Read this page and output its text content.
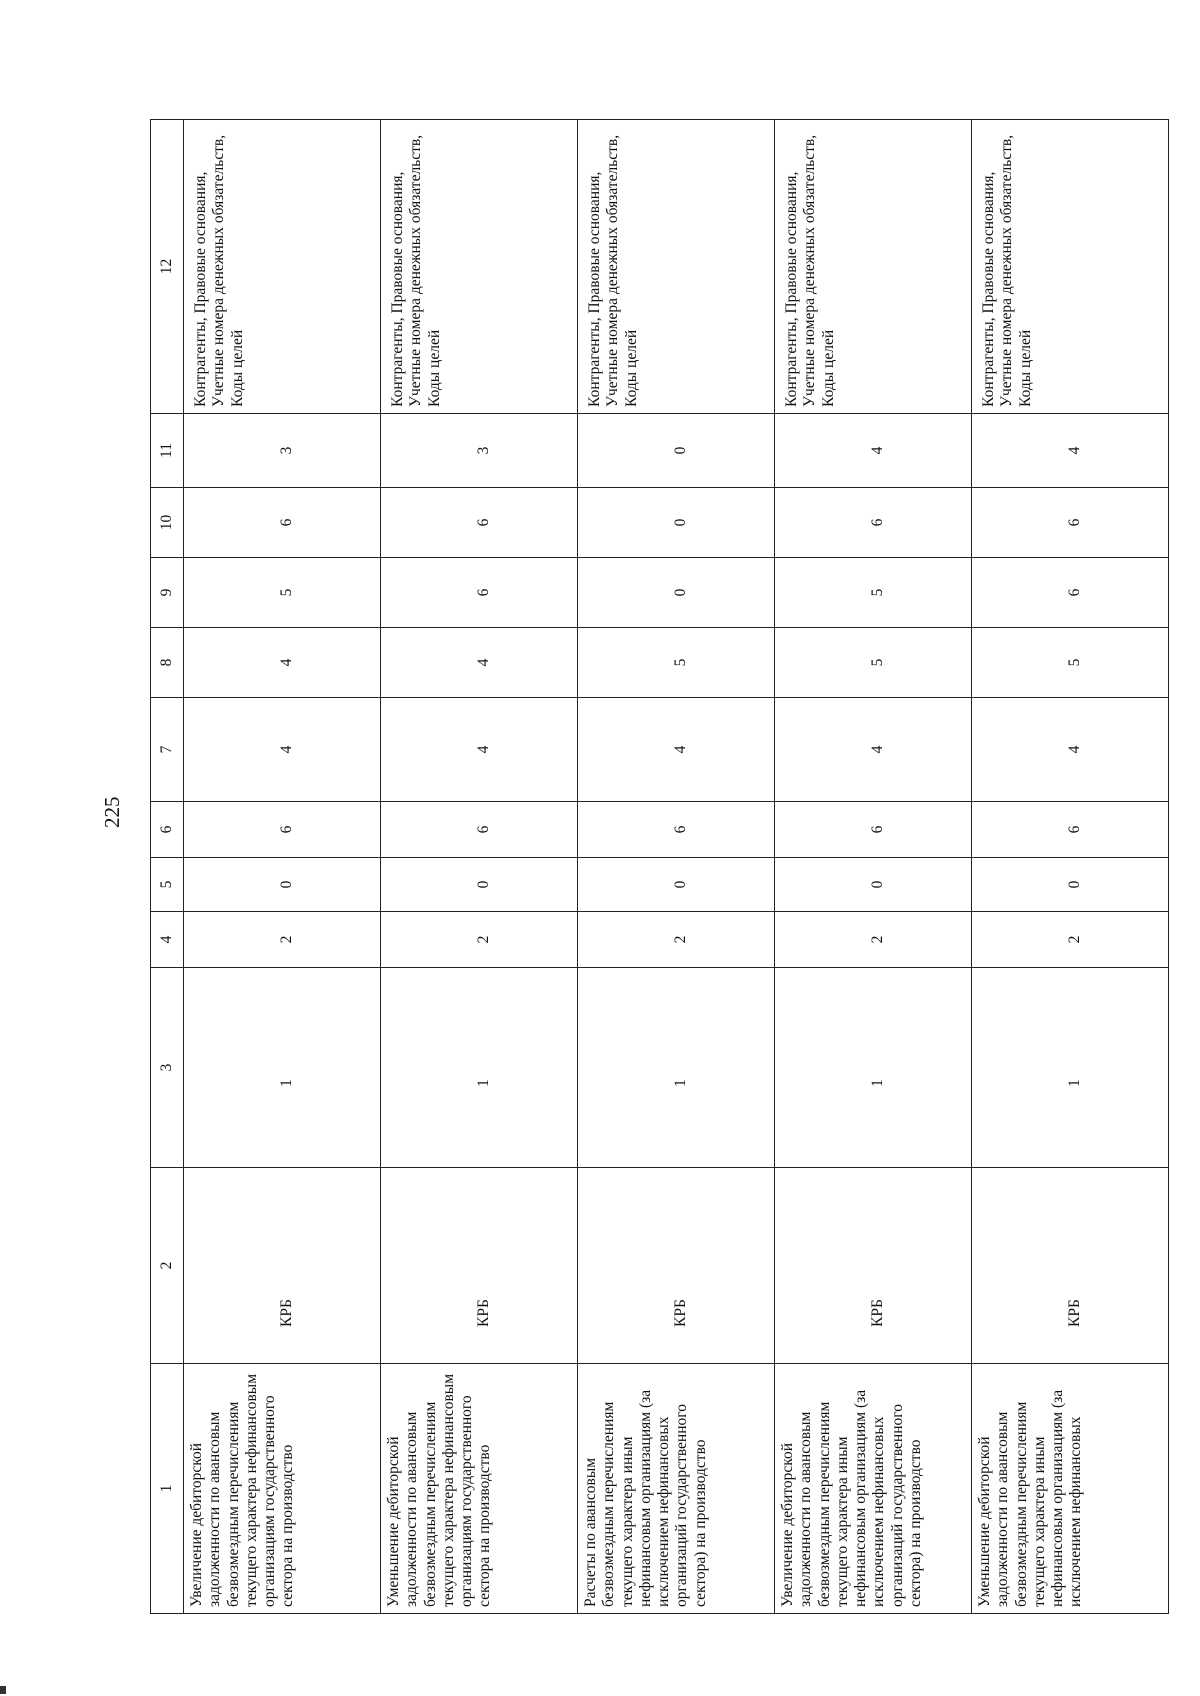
225
1	2	3	4	5	6	7	8	9	10	11	12
Увеличение дебиторской задолженности по авансовым безвозмездным перечислениям текущего характера нефинансовым организациям государственного сектора на производство	КРБ	1	2	0	6	4	4	5	6	3	Контрагенты, Правовые основания, Учетные номера денежных обязательств, Коды целей
Уменьшение дебиторской задолженности по авансовым безвозмездным перечислениям текущего характера нефинансовым организациям государственного сектора на производство	КРБ	1	2	0	6	4	4	6	6	3	Контрагенты, Правовые основания, Учетные номера денежных обязательств, Коды целей
Расчеты по авансовым безвозмездным перечислениям текущего характера иным нефинансовым организациям (за исключением нефинансовых организаций государственного сектора) на производство	КРБ	1	2	0	6	4	5	0	0	0	Контрагенты, Правовые основания, Учетные номера денежных обязательств, Коды целей
Увеличение дебиторской задолженности по авансовым безвозмездным перечислениям текущего характера иным нефинансовым организациям (за исключением нефинансовых организаций государственного сектора) на производство	КРБ	1	2	0	6	4	5	5	6	4	Контрагенты, Правовые основания, Учетные номера денежных обязательств, Коды целей
Уменьшение дебиторской задолженности по авансовым безвозмездным перечислениям текущего характера иным нефинансовым организациям (за исключением нефинансовых	КРБ	1	2	0	6	4	5	6	6	4	Контрагенты, Правовые основания, Учетные номера денежных обязательств, Коды целей
